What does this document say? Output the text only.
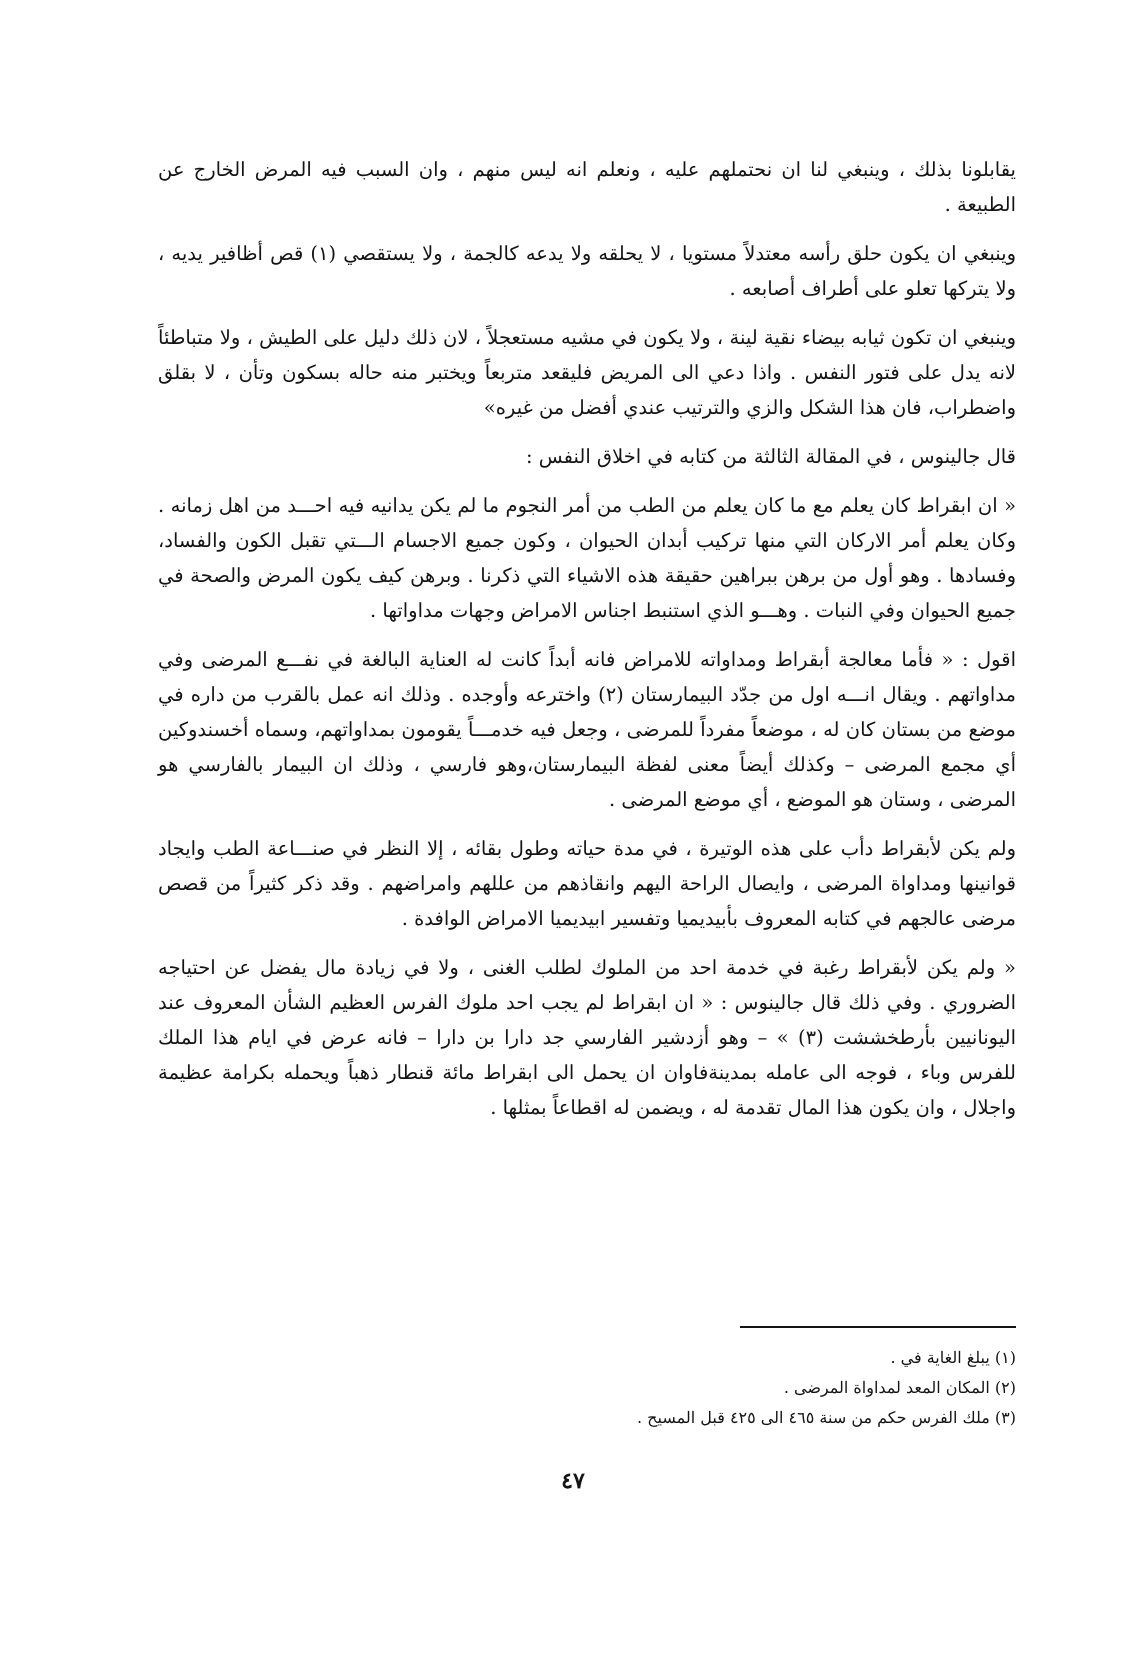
يقابلونا بذلك ، وينبغي لنا ان نحتملهم عليه ، ونعلم انه ليس منهم ، وان السبب فيه المرض الخارج عن الطبيعة .

وينبغي ان يكون حلق رأسه معتدلاً مستويا ، لا يحلقه ولا يدعه كالجمة ، ولا يستقصي (١) قص أظافير يديه ، ولا يتركها تعلو على أطراف أصابعه .

وينبغي ان تكون ثيابه بيضاء نقية لينة ، ولا يكون في مشيه مستعجلاً ، لان ذلك دليل على الطيش ، ولا متباطئاً لانه يدل على فتور النفس . واذا دعي الى المريض فليقعد متربعاً ويختبر منه حاله بسكون وتأن ، لا بقلق واضطراب، فان هذا الشكل والزي والترتيب عندي أفضل من غيره»

قال جالينوس ، في المقالة الثالثة من كتابه في اخلاق النفس :

« ان ابقراط كان يعلم مع ما كان يعلم من الطب من أمر النجوم ما لم يكن يدانيه فيه احـــد من اهل زمانه . وكان يعلم أمر الاركان التي منها تركيب أبدان الحيوان ، وكون جميع الاجسام الـــتي تقبل الكون والفساد، وفسادها . وهو أول من برهن ببراهين حقيقة هذه الاشياء التي ذكرنا . وبرهن كيف يكون المرض والصحة في جميع الحيوان وفي النبات . وهـــو الذي استنبط اجناس الامراض وجهات مداواتها .

اقول : « فأما معالجة أبقراط ومداواته للامراض فانه أبداً كانت له العناية البالغة في نفـــع المرضى وفي مداواتهم . ويقال انـــه اول من جدّد البيمارستان (٢) واخترعه وأوجده . وذلك انه عمل بالقرب من داره في موضع من بستان كان له ، موضعاً مفرداً للمرضى ، وجعل فيه خدمـــاً يقومون بمداواتهم، وسماه أخسندوكين أي مجمع المرضى – وكذلك أيضاً معنى لفظة البيمارستان،وهو فارسي ، وذلك ان البيمار بالفارسي هو المرضى ، وستان هو الموضع ، أي موضع المرضى .

ولم يكن لأبقراط دأب على هذه الوتيرة ، في مدة حياته وطول بقائه ، إلا النظر في صنـــاعة الطب وايجاد قوانينها ومداواة المرضى ، وايصال الراحة اليهم وانقاذهم من عللهم وامراضهم . وقد ذكر كثيراً من قصص مرضى عالجهم في كتابه المعروف بأبيديميا وتفسير ابيديميا الامراض الوافدة .

« ولم يكن لأبقراط رغبة في خدمة احد من الملوك لطلب الغنى ، ولا في زيادة مال يفضل عن احتياجه الضروري . وفي ذلك قال جالينوس : « ان ابقراط لم يجب احد ملوك الفرس العظيم الشأن المعروف عند اليونانيين بأرطخششت (٣) » – وهو أزدشير الفارسي جد دارا بن دارا – فانه عرض في ايام هذا الملك للفرس وباء ، فوجه الى عامله بمدينةفاوان ان يحمل الى ابقراط مائة قنطار ذهباً ويحمله بكرامة عظيمة واجلال ، وان يكون هذا المال تقدمة له ، ويضمن له اقطاعاً بمثلها .

(١) يبلغ الغاية في .

(٢) المكان المعد لمداواة المرضى .

(٣) ملك الفرس حكم من سنة ٤٦٥ الى ٤٢٥ قبل المسيح .

٤٧
